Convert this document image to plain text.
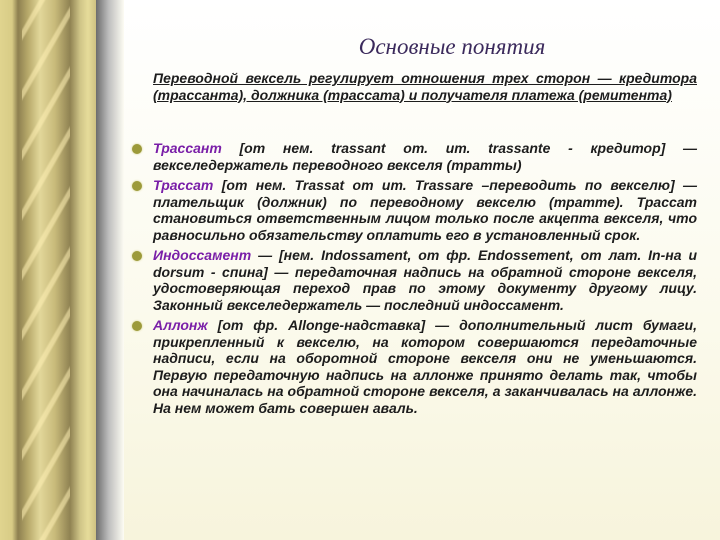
Основные понятия
Переводной вексель регулирует отношения трех сторон — кредитора (трассанта), должника (трассата) и получателя платежа (ремитента)
Трассант [от нем. trassant от. ит. trassante - кредитор] — векселедержатель переводного векселя (тратты)
Трассат [от нем. Trassat от ит. Trassare –переводить по векселю] — плательщик (должник) по переводному векселю (тратте). Трассат становиться ответственным лицом только после акцепта векселя, что равносильно обязательству оплатить его в установленный срок.
Индоссамент — [нем. Indossament, от фр. Endossement, от лат. In-на и dorsum - спина] — передаточная надпись на обратной стороне векселя, удостоверяющая переход прав по этому документу другому лицу. Законный векселедержатель — последний индоссамент.
Аллонж [от фр. Allonge-надставка] — дополнительный лист бумаги, прикрепленный к векселю, на котором совершаются передаточные надписи, если на оборотной стороне векселя они не уменьшаются. Первую передаточную надпись на аллонже принято делать так, чтобы она начиналась на обратной стороне векселя, а заканчивалась на аллонже. На нем может бать совершен аваль.
